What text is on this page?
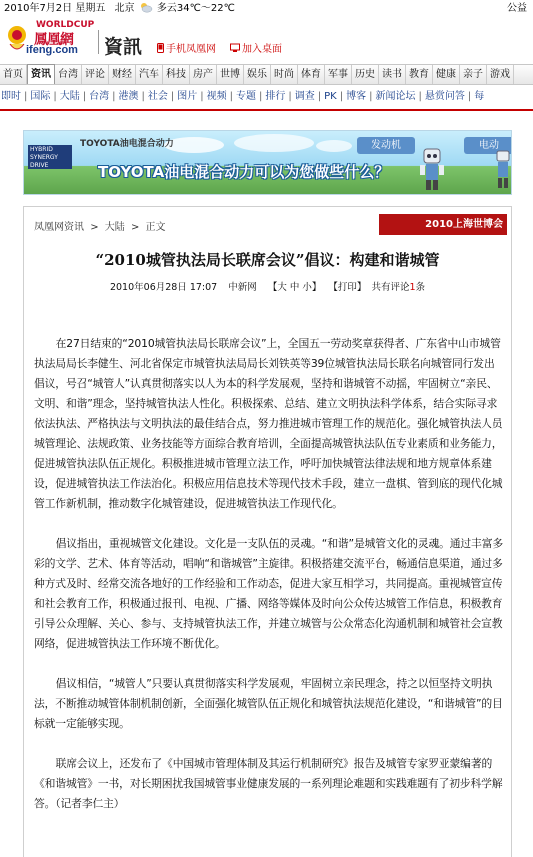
2010年7月2日 星期五 北京 多云34℃～22℃	公益
WORLDCUP
鳳凰網
ifeng.com 資訊	手机凤凰网	加入桌面
首页 资讯 台湾 评论 财经 汽车 科技 房产 世博 娱乐 时尚 体育 军事 历史 读书 教育 健康 亲子 游戏
即时 | 国际 | 大陆 | 台湾 | 港澳 | 社会 | 图片 | 视频 | 专题 | 排行 | 调查 | PK | 博客 | 新闻论坛 | 悬赏问答 | 每
HYBRID SYNERGY DRIVE
TOYOTA油电混合动力
TOYOTA油电混合动力可以为您做些什么？
发动机	电动
凤凰网资讯 > 大陆 > 正文	2010上海世博会
“2010城管执法局长联席会议”倡议：构建和谐城管
2010年06月28日 17:07 中新网 【大 中 小】 【打印】 共有评论1条

在27日结束的“2010城管执法局长联席会议”上，全国五一劳动奖章获得者、广东省中山市城管执法局局长李健生、河北省保定市城管执法局局长刘铁英等39位城管执法局长联名向城管同行发出倡议，号召“城管人”认真贯彻落实以人为本的科学发展观，坚持和谐城管不动摇，牢固树立“亲民、文明、和谐”理念，坚持城管执法人性化。积极探索、总结、建立文明执法科学体系，结合实际寻求依法执法、严格执法与文明执法的最佳结合点，努力推进城市管理工作的规范化。强化城管执法人员城管理论、法规政策、业务技能等方面综合教育培训，全面提高城管执法队伍专业素质和业务能力，促进城管执法队伍正规化。积极推进城市管理立法工作，呼吁加快城管法律法规和地方规章体系建设，促进城管执法工作法治化。积极应用信息技术等现代技术手段，建立一盘棋、管到底的现代化城管工作新机制，推动数字化城管建设，促进城管执法工作现代化。

倡议指出，重视城管文化建设。文化是一支队伍的灵魂。“和谐”是城管文化的灵魂。通过丰富多彩的文学、艺术、体育等活动，唱响“和谐城管”主旋律。积极搭建交流平台，畅通信息渠道，通过多种方式及时、经常交流各地好的工作经验和工作动态，促进大家互相学习，共同提高。重视城管宣传和社会教育工作，积极通过报刊、电视、广播、网络等媒体及时向公众传达城管工作信息，积极教育引导公众理解、关心、参与、支持城管执法工作，并建立城管与公众常态化沟通机制和城管社会宣教网络，促进城管执法工作环境不断优化。

倡议相信，“城管人”只要认真贯彻落实科学发展观，牢固树立亲民理念，持之以恒坚持文明执法，不断推动城管体制机制创新，全面强化城管队伍正规化和城管执法规范化建设，“和谐城管”的目标就一定能够实现。

联席会议上，还发布了《中国城市管理体制及其运行机制研究》报告及城管专家罗亚蒙编著的《和谐城管》一书，对长期困扰我国城管事业健康发展的一系列理论难题和实践难题有了初步科学解答。（记者李仁主）
